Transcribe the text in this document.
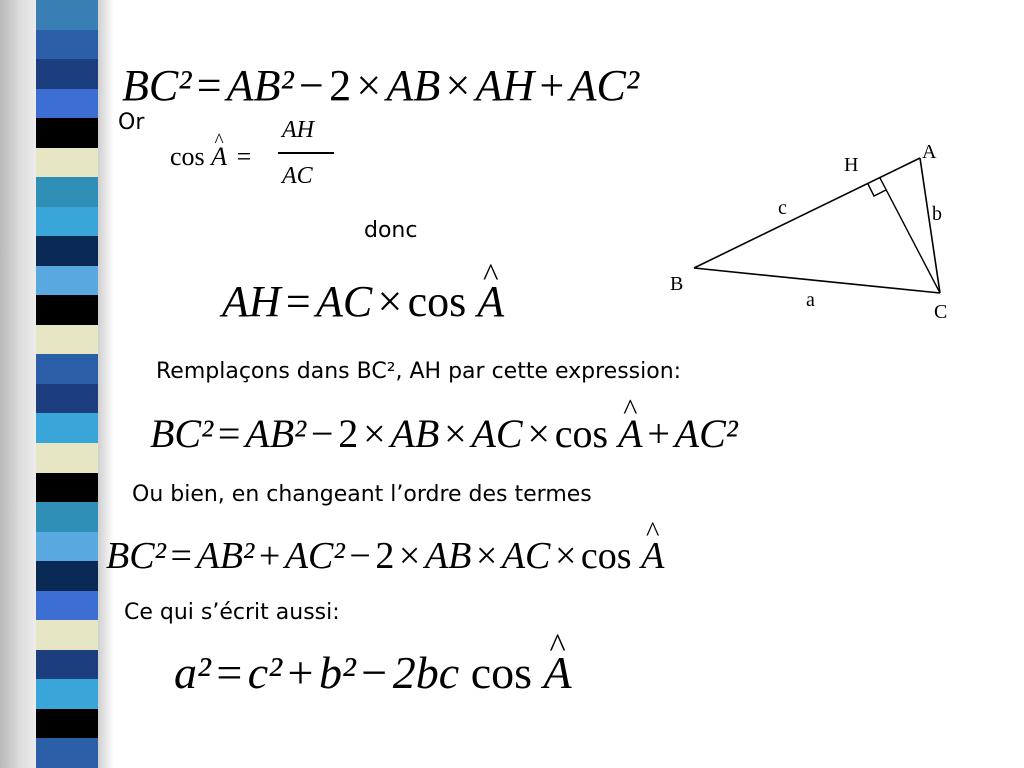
BC² = AB² − 2 × AB × AH + AC²
Or
cos ^ A =
AH
AC
donc
AH = AC × cos ^ A
Remplaçons dans BC², AH par cette expression:
BC² = AB² − 2 × AB × AC × cos ^ A + AC²
Ou bien, en changeant l’ordre des termes
BC² = AB² + AC² − 2 × AB × AC × cos ^ A
Ce qui s’écrit aussi:
a² = c² + b² − 2bc cos ^ A
A
B
C
H
a
b
c
